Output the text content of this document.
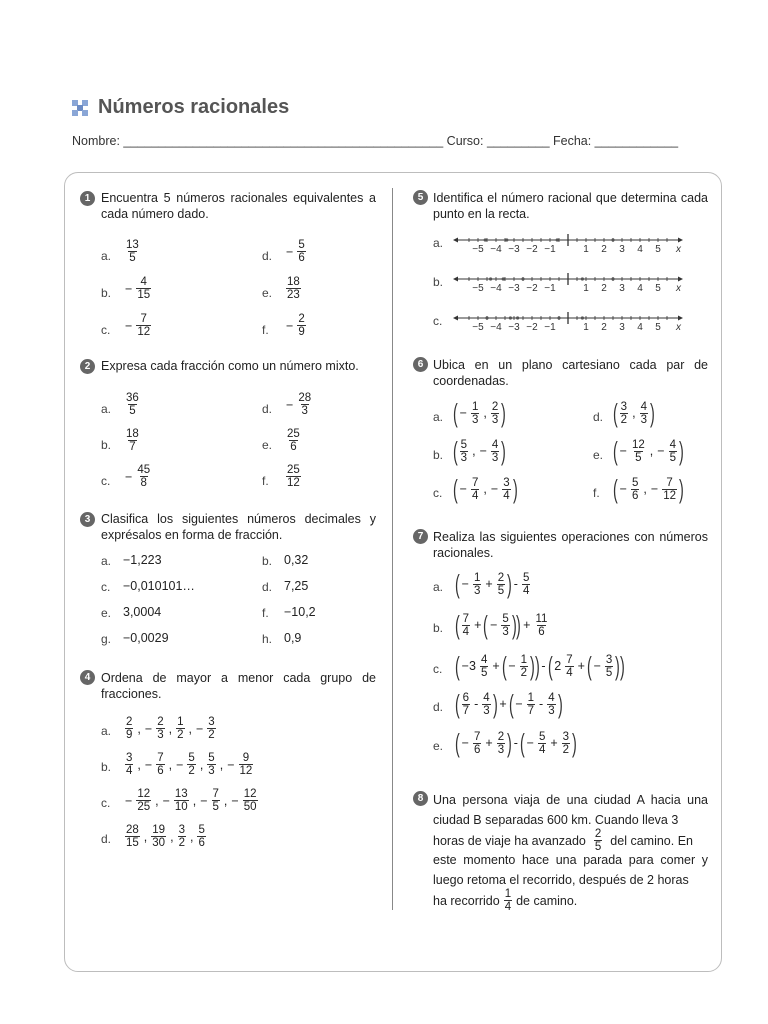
Números racionales
Nombre: ______________________________________________ Curso: _________ Fecha: ____________
1 Encuentra 5 números racionales equivalentes a cada número dado.
a. $\frac{13}{5}$
b. − $\frac{4}{15}$
c. − $\frac{7}{12}$
d. − $\frac{5}{6}$
e. $\frac{18}{23}$
f. − $\frac{2}{9}$
2 Expresa cada fracción como un número mixto.
a. $\frac{36}{5}$
b. $\frac{18}{7}$
c. − $\frac{45}{8}$
d. − $\frac{28}{3}$
e. $\frac{25}{6}$
f. $\frac{25}{12}$
3 Clasifica los siguientes números decimales y exprésalos en forma de fracción.
a. −1,223	b. 0,32
c. −0,010101…	d. 7,25
e. 3,0004	f. −10,2
g. −0,0029	h. 0,9
4 Ordena de mayor a menor cada grupo de fracciones.
a. $\frac{2}{9}$ , − $\frac{2}{3}$ , $\frac{1}{2}$ , − $\frac{3}{2}$
b. $\frac{3}{4}$ , − $\frac{7}{6}$ , − $\frac{5}{2}$ , $\frac{5}{3}$ , − $\frac{9}{12}$
c. − $\frac{12}{25}$ , − $\frac{13}{10}$ , − $\frac{7}{5}$ , − $\frac{12}{50}$
d. $\frac{28}{15}$ , $\frac{19}{30}$ , $\frac{3}{2}$ , $\frac{5}{6}$
5 Identifica el número racional que determina cada punto en la recta.
a.	−5 −4 −3 −2 −1	1 2 3 4 5 x
b.	−5 −4 −3 −2 −1	1 2 3 4 5 x
c.	−5 −4 −3 −2 −1	1 2 3 4 5 x
6 Ubica en un plano cartesiano cada par de coordenadas.
a. ( − $\frac{1}{3}$ , $\frac{2}{3}$ )
b. ( $\frac{5}{3}$ , − $\frac{4}{3}$ )
c. ( − $\frac{7}{4}$ , − $\frac{3}{4}$ )
d. ( $\frac{3}{2}$ , $\frac{4}{3}$ )
e. ( − $\frac{12}{5}$ , − $\frac{4}{5}$ )
f. ( − $\frac{5}{6}$ , − $\frac{7}{12}$ )
7 Realiza las siguientes operaciones con números racionales.
a. ( − $\frac{1}{3} + \frac{2}{5}$ ) - $\frac{5}{4}$
b. ( $\frac{7}{4}$ + ( − $\frac{5}{3}$ ) ) + $\frac{11}{6}$
c. ( $-3 \frac{4}{5}$ + ( − $\frac{1}{2}$ ) ) - ( $2 \frac{7}{4}$ + ( − $\frac{3}{5}$ ) )
d. ( $\frac{6}{7} - \frac{4}{3}$ ) + ( − $\frac{1}{7} - \frac{4}{3}$ )
e. ( − $\frac{7}{6} + \frac{2}{3}$ ) - ( − $\frac{5}{4} + \frac{3}{2}$ )
8 Una persona viaja de una ciudad A hacia una ciudad B separadas 600 km. Cuando lleva 3
horas de viaje ha avanzado $\frac{2}{5}$ del camino. En
este momento hace una parada para comer y luego retoma el recorrido, después de 2 horas
ha recorrido $\frac{1}{4}$ de camino.
